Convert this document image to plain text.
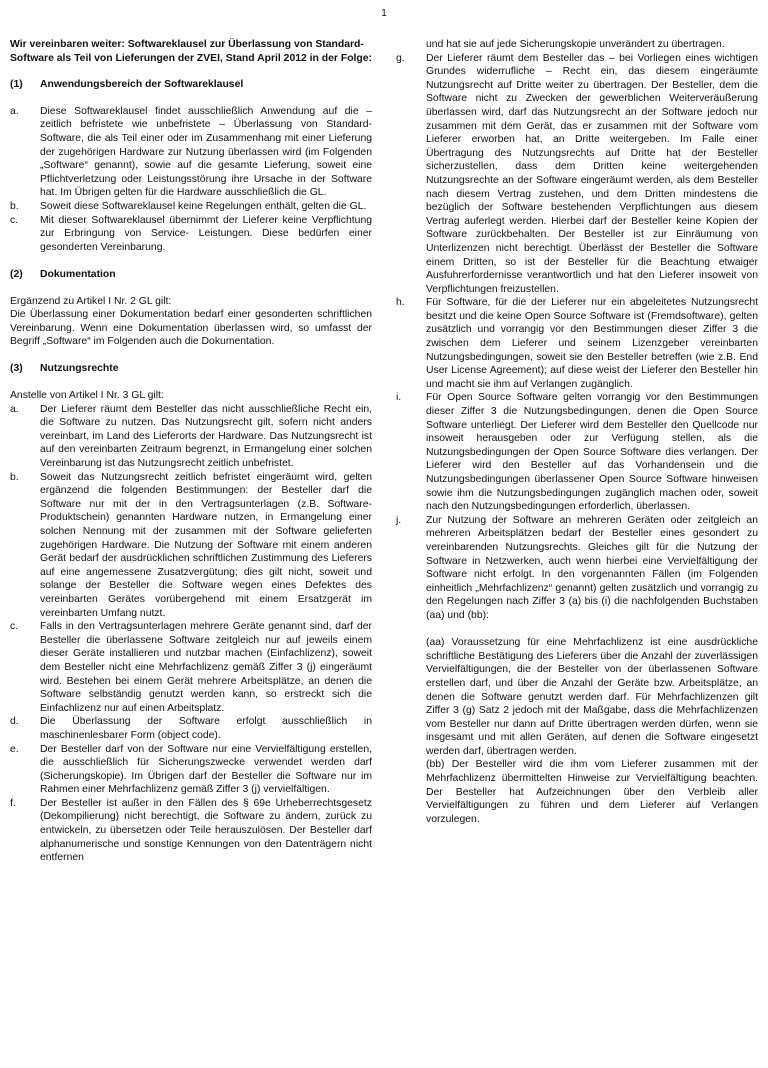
1

Wir vereinbaren weiter: Softwareklausel zur Überlassung von Standard-Software als Teil von Lieferungen der ZVEI, Stand April 2012 in der Folge:

(1)	Anwendungsbereich der Softwareklausel
a.	Diese Softwareklausel findet ausschließlich Anwendung auf die – zeitlich befristete wie unbefristete – Überlassung von Standard-Software, die als Teil einer oder im Zusammenhang mit einer Lieferung der zugehörigen Hardware zur Nutzung überlassen wird (im Folgenden „Software“ genannt), sowie auf die gesamte Lieferung, soweit eine Pflichtverletzung oder Leistungsstörung ihre Ursache in der Software hat. Im Übrigen gelten für die Hardware ausschließlich die GL.
b.	Soweit diese Softwareklausel keine Regelungen enthält, gelten die GL.
c.	Mit dieser Softwareklausel übernimmt der Lieferer keine Verpflichtung zur Erbringung von Service- Leistungen. Diese bedürfen einer gesonderten Vereinbarung.
(2)	Dokumentation

Ergänzend zu Artikel I Nr. 2 GL gilt:

Die Überlassung einer Dokumentation bedarf einer gesonderten schriftlichen Vereinbarung. Wenn eine Dokumentation überlassen wird, so umfasst der Begriff „Software“ im Folgenden auch die Dokumentation.

(3)	Nutzungsrechte

Anstelle von Artikel I Nr. 3 GL gilt:

a.	Der Lieferer räumt dem Besteller das nicht ausschließliche Recht ein, die Software zu nutzen. Das Nutzungsrecht gilt, sofern nicht anders vereinbart, im Land des Lieferorts der Hardware. Das Nutzungsrecht ist auf den vereinbarten Zeitraum begrenzt, in Ermangelung einer solchen Vereinbarung ist das Nutzungsrecht zeitlich unbefristet.
b.	Soweit das Nutzungsrecht zeitlich befristet eingeräumt wird, gelten ergänzend die folgenden Bestimmungen: der Besteller darf die Software nur mit der in den Vertragsunterlagen (z.B. Software-Produktschein) genannten Hardware nutzen, in Ermangelung einer solchen Nennung mit der zusammen mit der Software gelieferten zugehörigen Hardware. Die Nutzung der Software mit einem anderen Gerät bedarf der ausdrücklichen schriftlichen Zustimmung des Lieferers auf eine angemessene Zusatzvergütung; dies gilt nicht, soweit und solange der Besteller die Software wegen eines Defektes des vereinbarten Gerätes vorübergehend mit einem Ersatzgerät im vereinbarten Umfang nutzt.
c.	Falls in den Vertragsunterlagen mehrere Geräte genannt sind, darf der Besteller die überlassene Software zeitgleich nur auf jeweils einem dieser Geräte installieren und nutzbar machen (Einfachlizenz), soweit dem Besteller nicht eine Mehrfachlizenz gemäß Ziffer 3 (j) eingeräumt wird. Bestehen bei einem Gerät mehrere Arbeitsplätze, an denen die Software selbständig genutzt werden kann, so erstreckt sich die Einfachlizenz nur auf einen Arbeitsplatz.
d.	Die Überlassung der Software erfolgt ausschließlich in maschinenlesbarer Form (object code).
e.	Der Besteller darf von der Software nur eine Vervielfältigung erstellen, die ausschließlich für Sicherungszwecke verwendet werden darf (Sicherungskopie). Im Übrigen darf der Besteller die Software nur im Rahmen einer Mehrfachlizenz gemäß Ziffer 3 (j) vervielfältigen.
f.	Der Besteller ist außer in den Fällen des § 69e Urheberrechtsgesetz (Dekompilierung) nicht berechtigt, die Software zu ändern, zurück zu entwickeln, zu übersetzen oder Teile herauszulösen. Der Besteller darf alphanumerische und sonstige Kennungen von den Datenträgern nicht entfernen

und hat sie auf jede Sicherungskopie unverändert zu übertragen.

g.	Der Lieferer räumt dem Besteller das – bei Vorliegen eines wichtigen Grundes widerrufliche – Recht ein, das diesem eingeräumte Nutzungsrecht auf Dritte weiter zu übertragen. Der Besteller, dem die Software nicht zu Zwecken der gewerblichen Weiterveräußerung überlassen wird, darf das Nutzungsrecht an der Software jedoch nur zusammen mit dem Gerät, das er zusammen mit der Software vom Lieferer erworben hat, an Dritte weitergeben. Im Falle einer Übertragung des Nutzungsrechts auf Dritte hat der Besteller sicherzustellen, dass dem Dritten keine weitergehenden Nutzungsrechte an der Software eingeräumt werden, als dem Besteller nach diesem Vertrag zustehen, und dem Dritten mindestens die bezüglich der Software bestehenden Verpflichtungen aus diesem Vertrag auferlegt werden. Hierbei darf der Besteller keine Kopien der Software zurückbehalten. Der Besteller ist zur Einräumung von Unterlizenzen nicht berechtigt. Überlässt der Besteller die Software einem Dritten, so ist der Besteller für die Beachtung etwaiger Ausfuhrerfordernisse verantwortlich und hat den Lieferer insoweit von Verpflichtungen freizustellen.
h.	Für Software, für die der Lieferer nur ein abgeleitetes Nutzungsrecht besitzt und die keine Open Source Software ist (Fremdsoftware), gelten zusätzlich und vorrangig vor den Bestimmungen dieser Ziffer 3 die zwischen dem Lieferer und seinem Lizenzgeber vereinbarten Nutzungsbedingungen, soweit sie den Besteller betreffen (wie z.B. End User License Agreement); auf diese weist der Lieferer den Besteller hin und macht sie ihm auf Verlangen zugänglich.
i.	Für Open Source Software gelten vorrangig vor den Bestimmungen dieser Ziffer 3 die Nutzungsbedingungen, denen die Open Source Software unterliegt. Der Lieferer wird dem Besteller den Quellcode nur insoweit herausgeben oder zur Verfügung stellen, als die Nutzungsbedingungen der Open Source Software dies verlangen. Der Lieferer wird den Besteller auf das Vorhandensein und die Nutzungsbedingungen überlassener Open Source Software hinweisen sowie ihm die Nutzungsbedingungen zugänglich machen oder, soweit nach den Nutzungsbedingungen erforderlich, überlassen.
j.	Zur Nutzung der Software an mehreren Geräten oder zeitgleich an mehreren Arbeitsplätzen bedarf der Besteller eines gesondert zu vereinbarenden Nutzungsrechts. Gleiches gilt für die Nutzung der Software in Netzwerken, auch wenn hierbei eine Vervielfältigung der Software nicht erfolgt. In den vorgenannten Fällen (im Folgenden einheitlich „Mehrfachlizenz“ genannt) gelten zusätzlich und vorrangig zu den Regelungen nach Ziffer 3 (a) bis (i) die nachfolgenden Buchstaben (aa) und (bb):

(aa) Voraussetzung für eine Mehrfachlizenz ist eine ausdrückliche schriftliche Bestätigung des Lieferers über die Anzahl der zuverlässigen Vervielfältigungen, die der Besteller von der überlassenen Software erstellen darf, und über die Anzahl der Geräte bzw. Arbeitsplätze, an denen die Software genutzt werden darf. Für Mehrfachlizenzen gilt Ziffer 3 (g) Satz 2 jedoch mit der Maßgabe, dass die Mehrfachlizenzen vom Besteller nur dann auf Dritte übertragen werden dürfen, wenn sie insgesamt und mit allen Geräten, auf denen die Software eingesetzt werden darf, übertragen werden.

(bb) Der Besteller wird die ihm vom Lieferer zusammen mit der Mehrfachlizenz übermittelten Hinweise zur Vervielfältigung beachten. Der Besteller hat Aufzeichnungen über den Verbleib aller Vervielfältigungen zu führen und dem Lieferer auf Verlangen vorzulegen.
